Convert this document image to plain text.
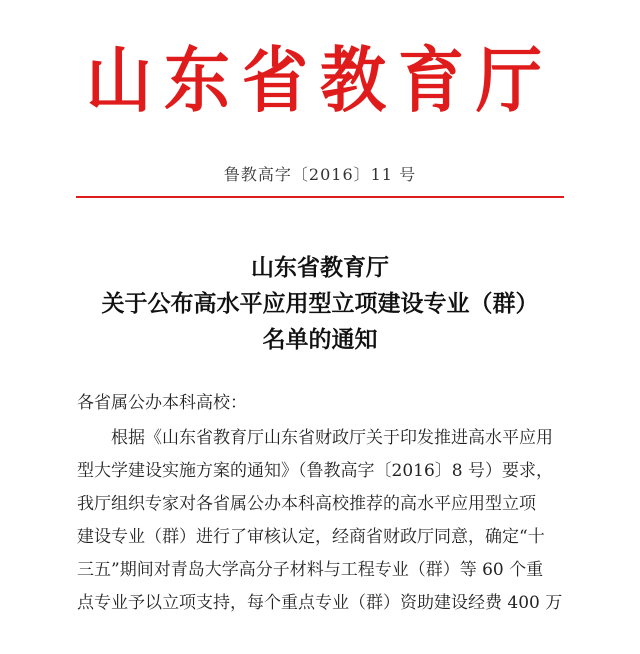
山东省教育厅
鲁教高字〔2016〕11 号
山东省教育厅
关于公布高水平应用型立项建设专业（群）
名单的通知
各省属公办本科高校：
根据《山东省教育厅山东省财政厅关于印发推进高水平应用
型大学建设实施方案的通知》（鲁教高字〔2016〕8 号）要求，
我厅组织专家对各省属公办本科高校推荐的高水平应用型立项
建设专业（群）进行了审核认定，经商省财政厅同意，确定“十
三五”期间对青岛大学高分子材料与工程专业（群）等 60 个重
点专业予以立项支持，每个重点专业（群）资助建设经费 400 万
